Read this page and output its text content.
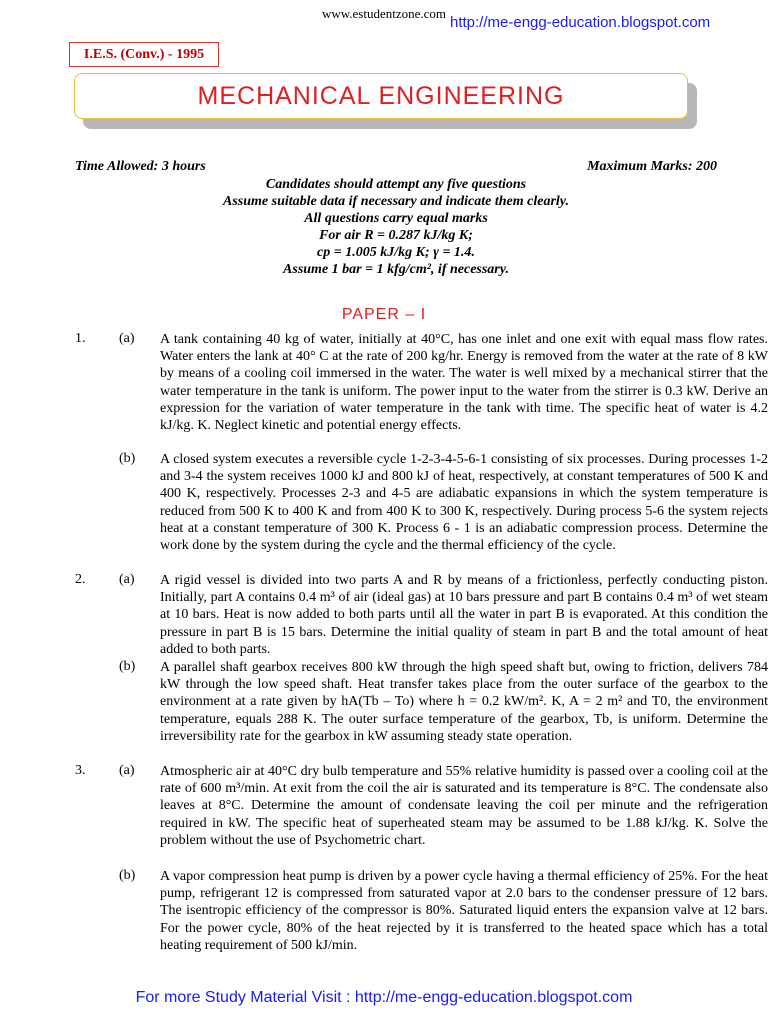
www.estudentzone.com
http://me-engg-education.blogspot.com
I.E.S. (Conv.) - 1995
MECHANICAL ENGINEERING
Time Allowed: 3 hours	Maximum Marks: 200
Candidates should attempt any five questions
Assume suitable data if necessary and indicate them clearly.
All questions carry equal marks
For air R = 0.287 kJ/kg K;
cp = 1.005 kJ/kg K; γ = 1.4.
Assume 1 bar = 1 kfg/cm², if necessary.
PAPER – I
1. (a) A tank containing 40 kg of water, initially at 40°C, has one inlet and one exit with equal mass flow rates. Water enters the lank at 40° C at the rate of 200 kg/hr. Energy is removed from the water at the rate of 8 kW by means of a cooling coil immersed in the water. The water is well mixed by a mechanical stirrer that the water temperature in the tank is uniform. The power input to the water from the stirrer is 0.3 kW. Derive an expression for the variation of water temperature in the tank with time. The specific heat of water is 4.2 kJ/kg. K. Neglect kinetic and potential energy effects.
(b) A closed system executes a reversible cycle 1-2-3-4-5-6-1 consisting of six processes. During processes 1-2 and 3-4 the system receives 1000 kJ and 800 kJ of heat, respectively, at constant temperatures of 500 K and 400 K, respectively. Processes 2-3 and 4-5 are adiabatic expansions in which the system temperature is reduced from 500 K to 400 K and from 400 K to 300 K, respectively. During process 5-6 the system rejects heat at a constant temperature of 300 K. Process 6 - 1 is an adiabatic compression process. Determine the work done by the system during the cycle and the thermal efficiency of the cycle.
2. (a) A rigid vessel is divided into two parts A and R by means of a frictionless, perfectly conducting piston. Initially, part A contains 0.4 m³ of air (ideal gas) at 10 bars pressure and part B contains 0.4 m³ of wet steam at 10 bars. Heat is now added to both parts until all the water in part B is evaporated. At this condition the pressure in part B is 15 bars. Determine the initial quality of steam in part B and the total amount of heat added to both parts.
(b) A parallel shaft gearbox receives 800 kW through the high speed shaft but, owing to friction, delivers 784 kW through the low speed shaft. Heat transfer takes place from the outer surface of the gearbox to the environment at a rate given by hA(Tb – To) where h = 0.2 kW/m². K, A = 2 m² and T0, the environment temperature, equals 288 K. The outer surface temperature of the gearbox, Tb, is uniform. Determine the irreversibility rate for the gearbox in kW assuming steady state operation.
3. (a) Atmospheric air at 40°C dry bulb temperature and 55% relative humidity is passed over a cooling coil at the rate of 600 m³/min. At exit from the coil the air is saturated and its temperature is 8°C. The condensate also leaves at 8°C. Determine the amount of condensate leaving the coil per minute and the refrigeration required in kW. The specific heat of superheated steam may be assumed to be 1.88 kJ/kg. K. Solve the problem without the use of Psychometric chart.
(b) A vapor compression heat pump is driven by a power cycle having a thermal efficiency of 25%. For the heat pump, refrigerant 12 is compressed from saturated vapor at 2.0 bars to the condenser pressure of 12 bars. The isentropic efficiency of the compressor is 80%. Saturated liquid enters the expansion valve at 12 bars. For the power cycle, 80% of the heat rejected by it is transferred to the heated space which has a total heating requirement of 500 kJ/min.
For more Study Material Visit : http://me-engg-education.blogspot.com
